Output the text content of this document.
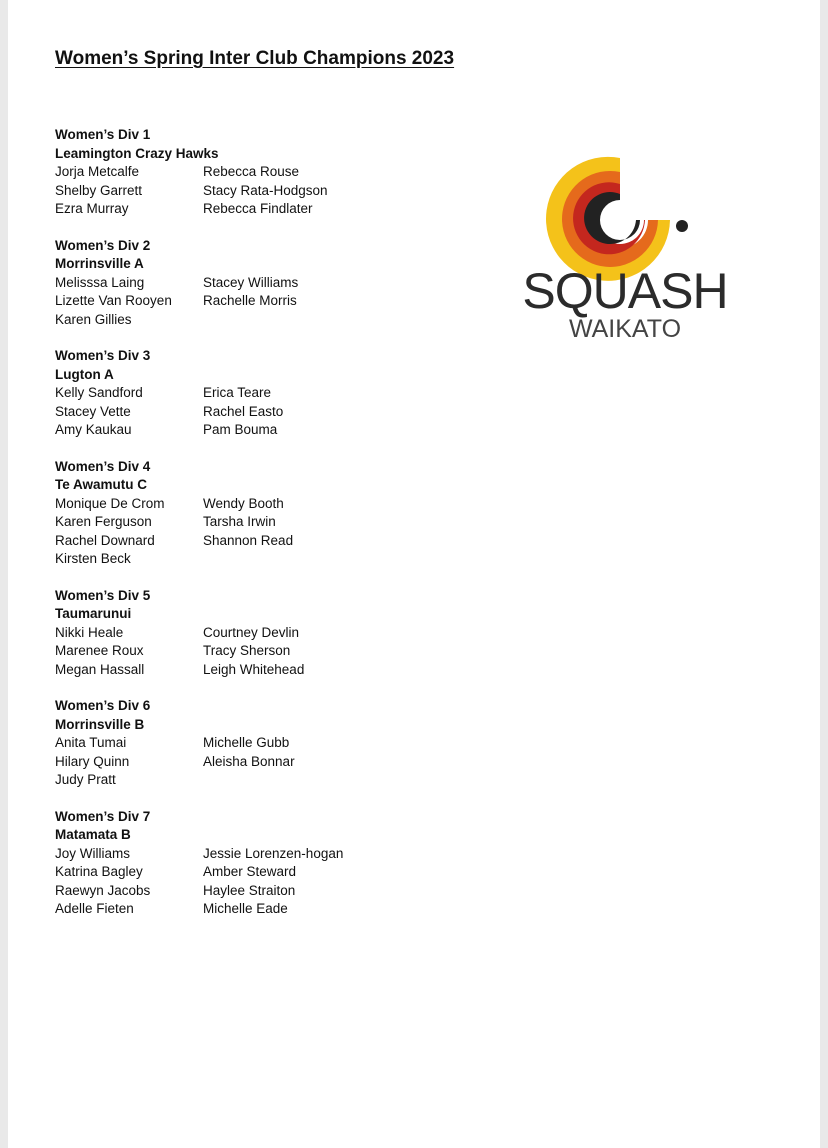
Women’s Spring Inter Club Champions 2023
Women’s Div 1
Leamington Crazy Hawks
Jorja Metcalfe	Rebecca Rouse
Shelby Garrett	Stacy Rata-Hodgson
Ezra Murray	Rebecca Findlater
Women’s Div 2
Morrinsville A
Melisssa Laing	Stacey Williams
Lizette Van Rooyen	Rachelle Morris
Karen Gillies
Women’s Div 3
Lugton A
Kelly Sandford	Erica Teare
Stacey Vette	Rachel Easto
Amy Kaukau	Pam Bouma
Women’s Div 4
Te Awamutu C
Monique De Crom	Wendy Booth
Karen Ferguson	Tarsha Irwin
Rachel Downard	Shannon Read
Kirsten Beck
Women’s Div 5
Taumarunui
Nikki Heale	Courtney Devlin
Marenee Roux	Tracy Sherson
Megan Hassall	Leigh Whitehead
Women’s Div 6
Morrinsville B
Anita Tumai	Michelle Gubb
Hilary Quinn	Aleisha Bonnar
Judy Pratt
Women’s Div 7
Matamata B
Joy Williams	Jessie Lorenzen-hogan
Katrina Bagley	Amber Steward
Raewyn Jacobs	Haylee Straiton
Adelle Fieten	Michelle Eade
SQUASH
WAIKATO
